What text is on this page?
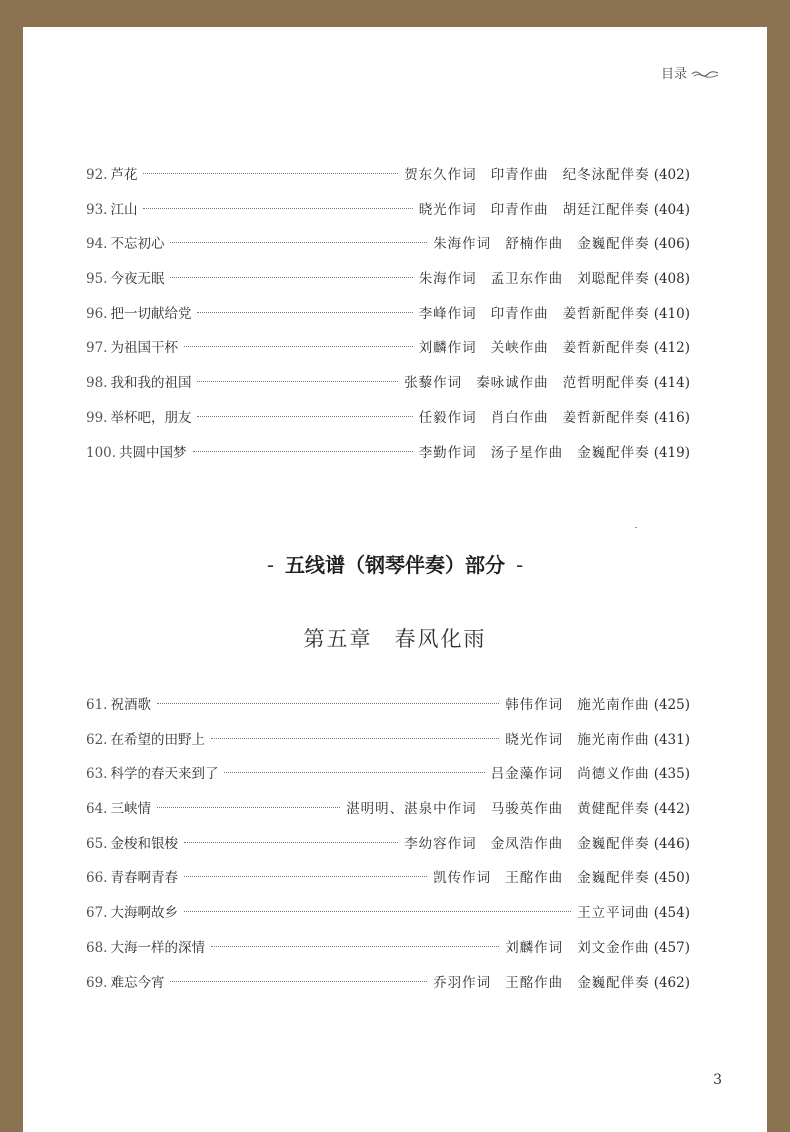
目录
92. 芦花	贺东久作词 印青作曲 纪冬泳配伴奏 (402)
93. 江山	晓光作词 印青作曲 胡廷江配伴奏 (404)
94. 不忘初心	朱海作词 舒楠作曲 金巍配伴奏 (406)
95. 今夜无眠	朱海作词 孟卫东作曲 刘聪配伴奏 (408)
96. 把一切献给党	李峰作词 印青作曲 姜哲新配伴奏 (410)
97. 为祖国干杯	刘麟作词 关峡作曲 姜哲新配伴奏 (412)
98. 我和我的祖国	张藜作词 秦咏诚作曲 范哲明配伴奏 (414)
99. 举杯吧，朋友	任毅作词 肖白作曲 姜哲新配伴奏 (416)
100. 共圆中国梦	李勤作词 汤子星作曲 金巍配伴奏 (419)
- 五线谱（钢琴伴奏）部分 -
第五章 春风化雨
61. 祝酒歌	韩伟作词 施光南作曲 (425)
62. 在希望的田野上	晓光作词 施光南作曲 (431)
63. 科学的春天来到了	吕金藻作词 尚德义作曲 (435)
64. 三峡情	湛明明、湛泉中作词 马骏英作曲 黄健配伴奏 (442)
65. 金梭和银梭	李幼容作词 金凤浩作曲 金巍配伴奏 (446)
66. 青春啊青春	凯传作词 王酩作曲 金巍配伴奏 (450)
67. 大海啊故乡	王立平词曲 (454)
68. 大海一样的深情	刘麟作词 刘文金作曲 (457)
69. 难忘今宵	乔羽作词 王酩作曲 金巍配伴奏 (462)
3
